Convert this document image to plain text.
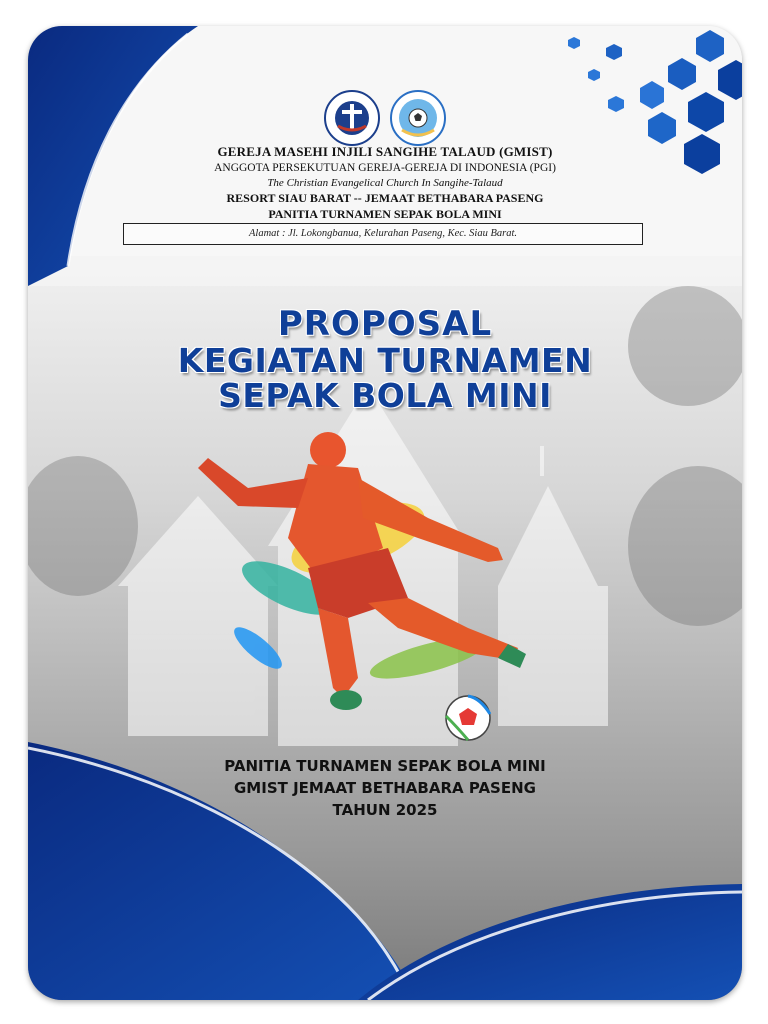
GEREJA MASEHI INJILI SANGIHE TALAUD (GMIST)
ANGGOTA PERSEKUTUAN GEREJA-GEREJA DI INDONESIA (PGI)
The Christian Evangelical Church In Sangihe-Talaud
RESORT SIAU BARAT -- JEMAAT BETHABARA PASENG
PANITIA TURNAMEN SEPAK BOLA MINI
Alamat : Jl. Lokongbanua, Kelurahan Paseng, Kec. Siau Barat.
PROPOSAL
KEGIATAN TURNAMEN
SEPAK BOLA MINI
PANITIA TURNAMEN SEPAK BOLA MINI
GMIST JEMAAT BETHABARA PASENG
TAHUN 2025
